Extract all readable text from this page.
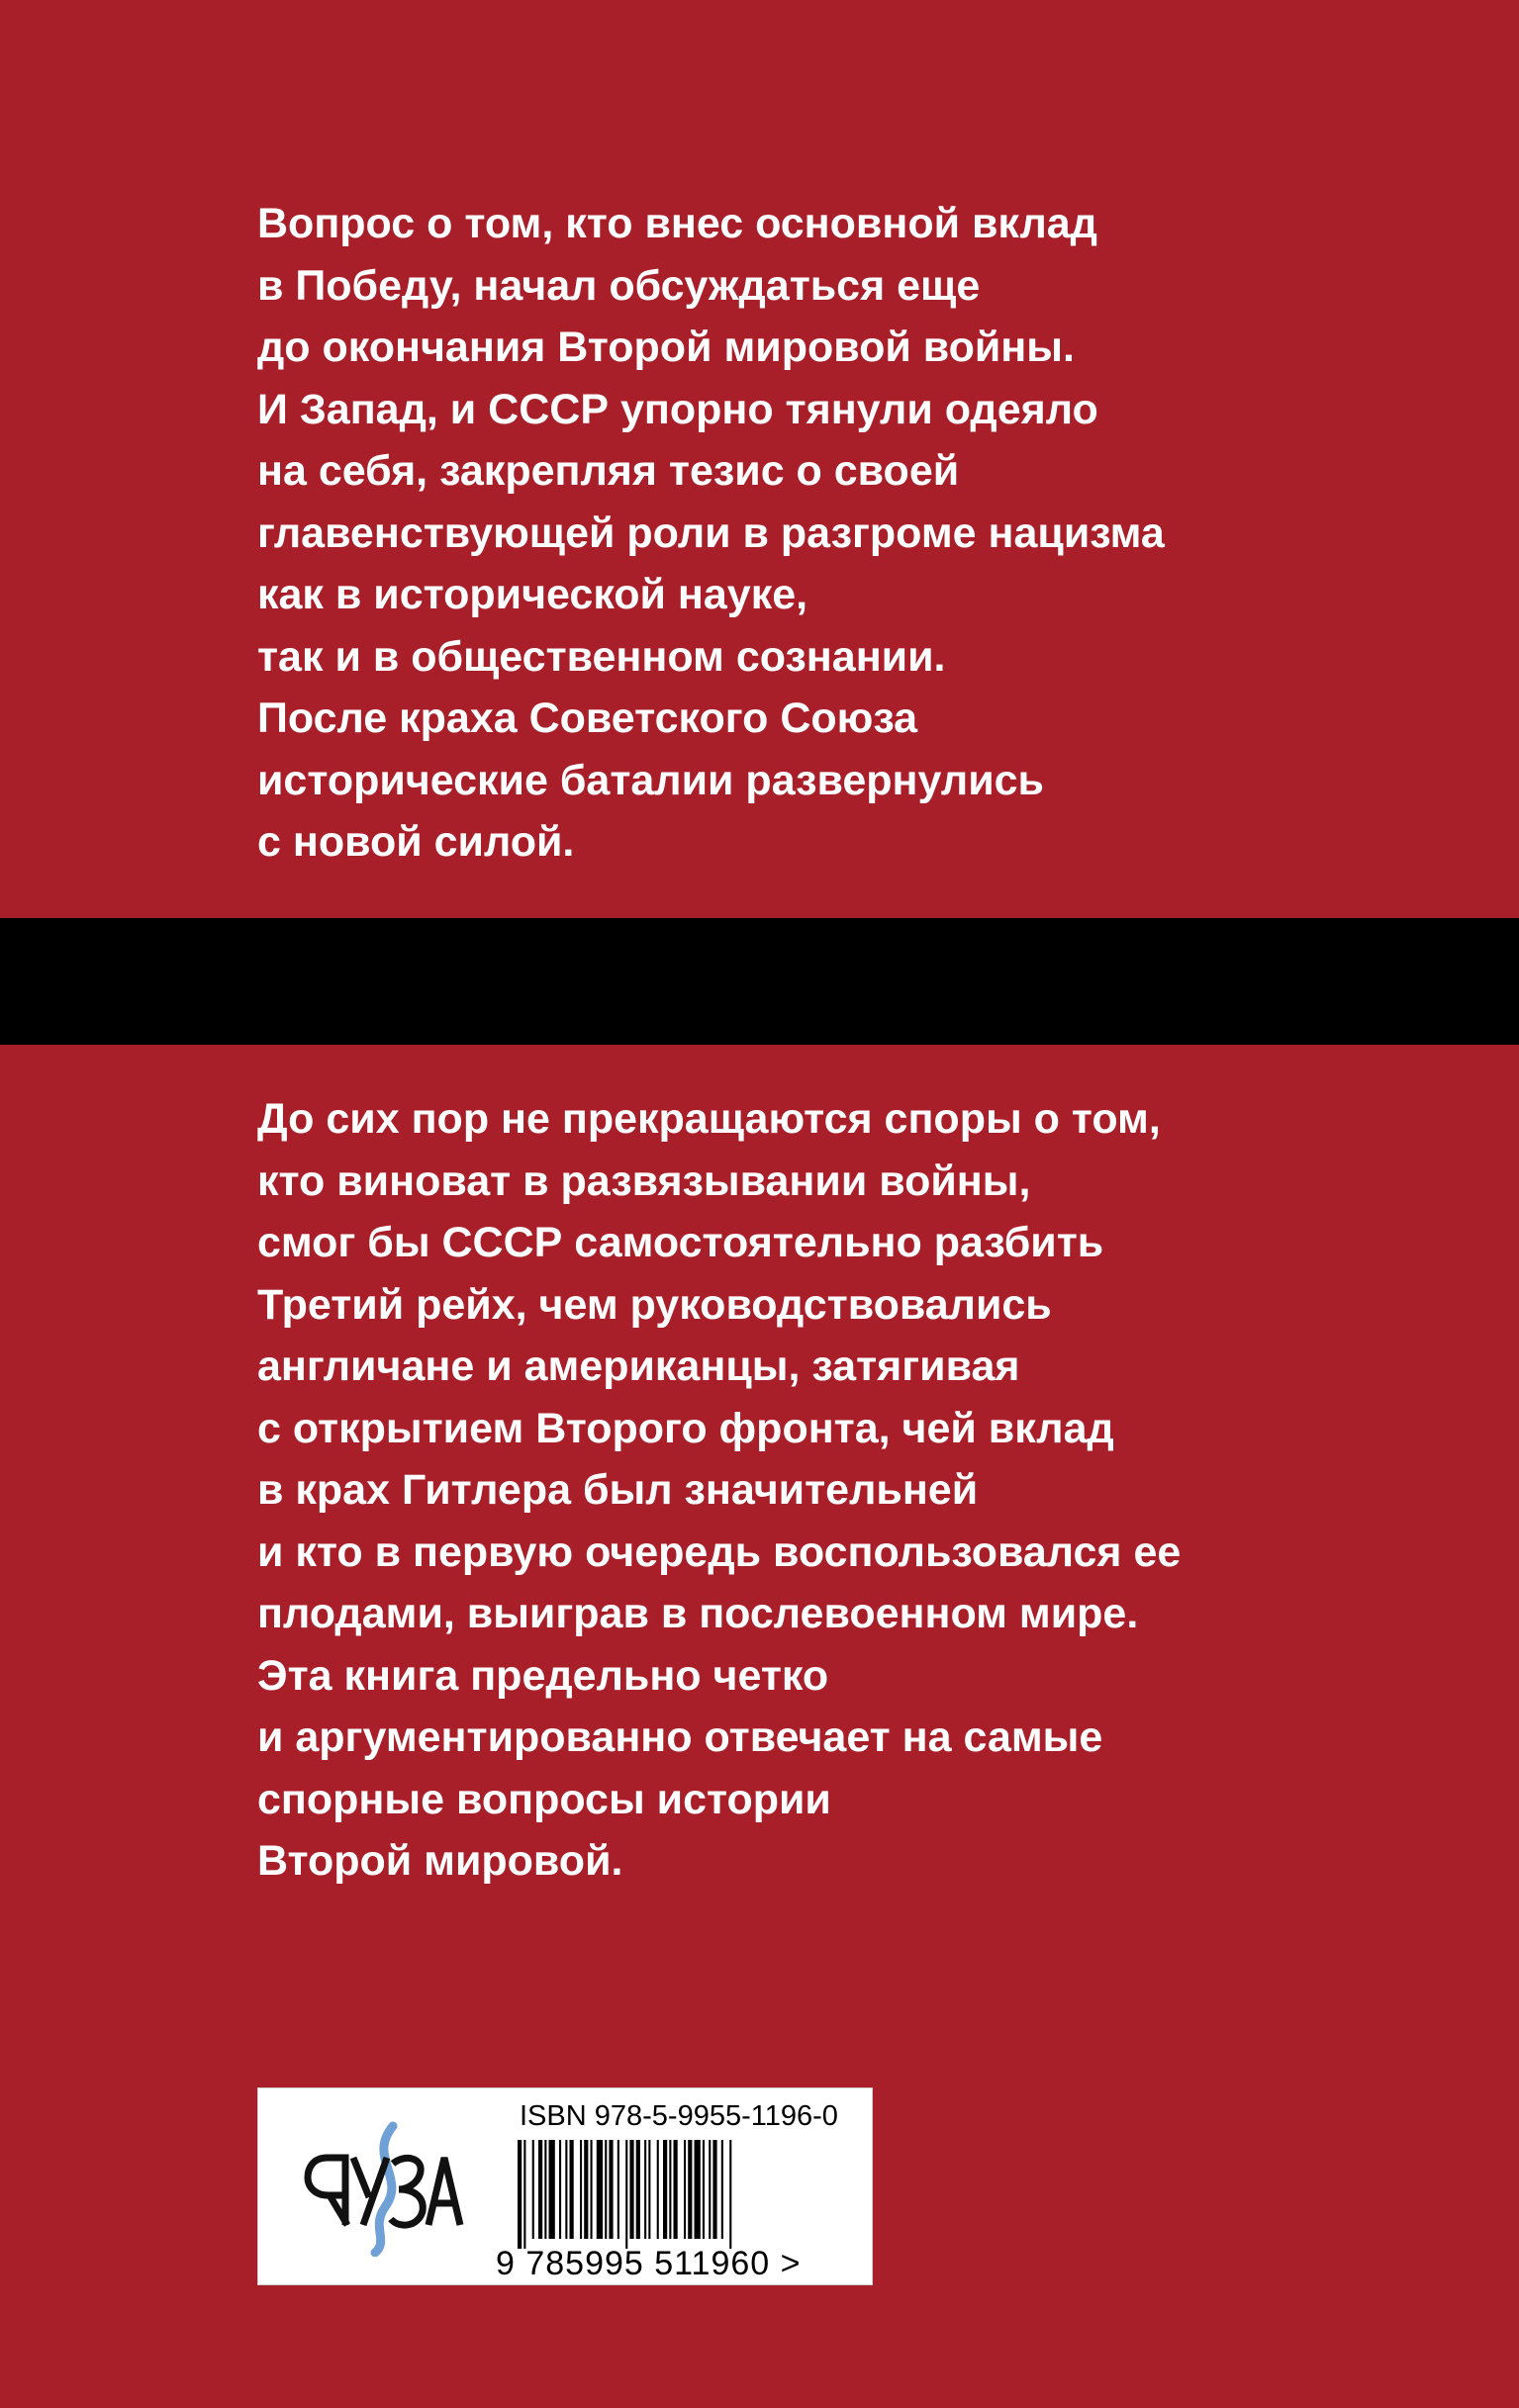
Вопрос о том, кто внес основной вклад
в Победу, начал обсуждаться еще
до окончания Второй мировой войны.
И Запад, и СССР упорно тянули одеяло
на себя, закрепляя тезис о своей
главенствующей роли в разгроме нацизма
как в исторической науке,
так и в общественном сознании.
После краха Советского Союза
исторические баталии развернулись
с новой силой.
До сих пор не прекращаются споры о том,
кто виноват в развязывании войны,
смог бы СССР самостоятельно разбить
Третий рейх, чем руководствовались
англичане и американцы, затягивая
с открытием Второго фронта, чей вклад
в крах Гитлера был значительней
и кто в первую очередь воспользовался ее
плодами, выиграв в послевоенном мире.
Эта книга предельно четко
и аргументированно отвечает на самые
спорные вопросы истории
Второй мировой.
ISBN 978-5-9955-1196-0
9 785995 511960 >
